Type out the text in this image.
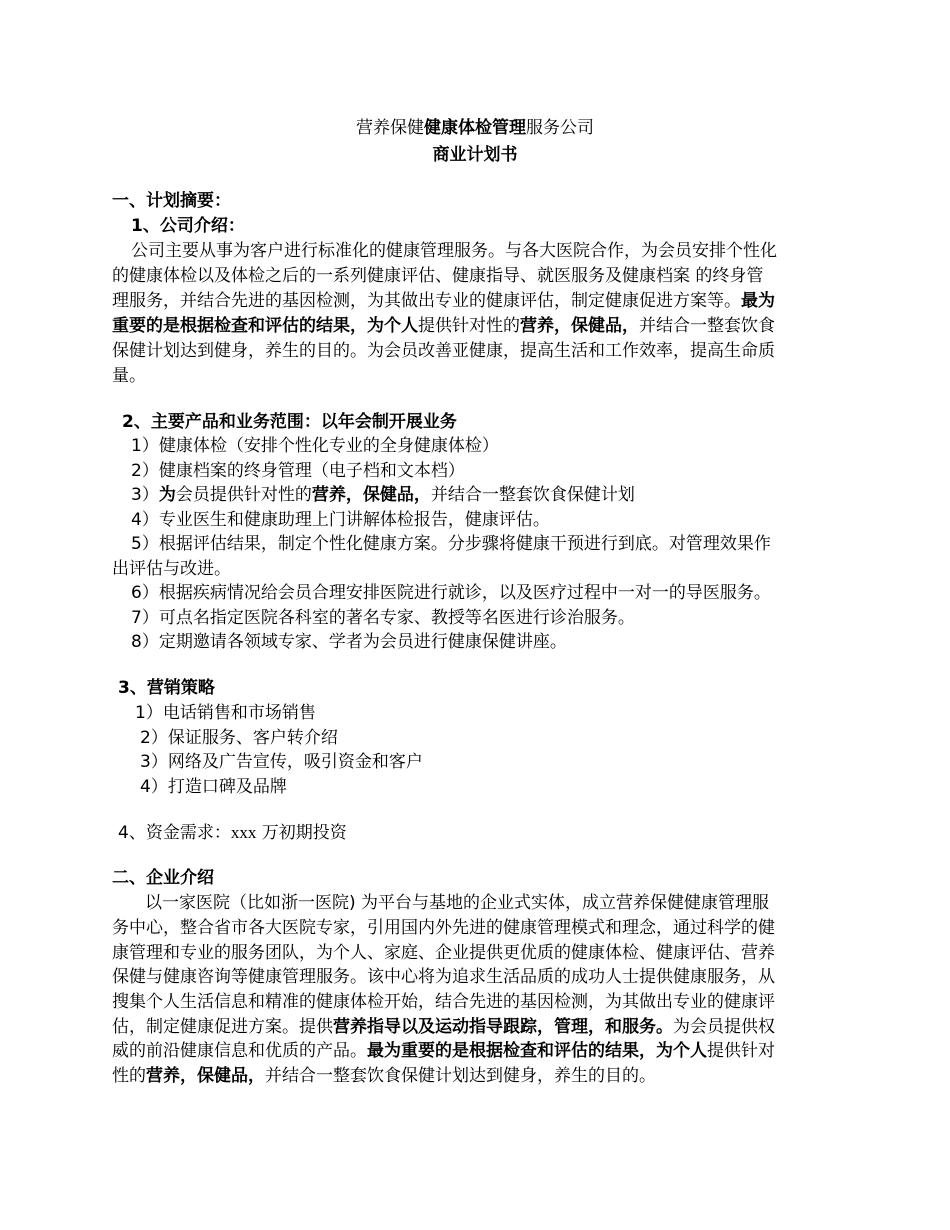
营养保健健康体检管理服务公司
商业计划书
一、计划摘要：
1、公司介绍：
公司主要从事为客户进行标准化的健康管理服务。与各大医院合作，为会员安排个性化
的健康体检以及体检之后的一系列健康评估、健康指导、就医服务及健康档案 的终身管
理服务，并结合先进的基因检测，为其做出专业的健康评估，制定健康促进方案等。最为
重要的是根据检查和评估的结果，为个人提供针对性的营养，保健品，并结合一整套饮食
保健计划达到健身，养生的目的。为会员改善亚健康，提高生活和工作效率，提高生命质
量。
2、主要产品和业务范围：以年会制开展业务
1）健康体检（安排个性化专业的全身健康体检）
2）健康档案的终身管理（电子档和文本档）
3）为会员提供针对性的营养，保健品，并结合一整套饮食保健计划
4）专业医生和健康助理上门讲解体检报告，健康评估。
5）根据评估结果，制定个性化健康方案。分步骤将健康干预进行到底。对管理效果作
出评估与改进。
6）根据疾病情况给会员合理安排医院进行就诊，以及医疗过程中一对一的导医服务。
7）可点名指定医院各科室的著名专家、教授等名医进行诊治服务。
8）定期邀请各领域专家、学者为会员进行健康保健讲座。
3、营销策略
1）电话销售和市场销售
2）保证服务、客户转介绍
3）网络及广告宣传，吸引资金和客户
4）打造口碑及品牌
4、资金需求：xxx 万初期投资
二、企业介绍
以一家医院（比如浙一医院) 为平台与基地的企业式实体，成立营养保健健康管理服
务中心，整合省市各大医院专家，引用国内外先进的健康管理模式和理念，通过科学的健
康管理和专业的服务团队，为个人、家庭、企业提供更优质的健康体检、健康评估、营养
保健与健康咨询等健康管理服务。该中心将为追求生活品质的成功人士提供健康服务，从
搜集个人生活信息和精准的健康体检开始，结合先进的基因检测，为其做出专业的健康评
估，制定健康促进方案。提供营养指导以及运动指导跟踪，管理，和服务。为会员提供权
威的前沿健康信息和优质的产品。最为重要的是根据检查和评估的结果，为个人提供针对
性的营养，保健品，并结合一整套饮食保健计划达到健身，养生的目的。
